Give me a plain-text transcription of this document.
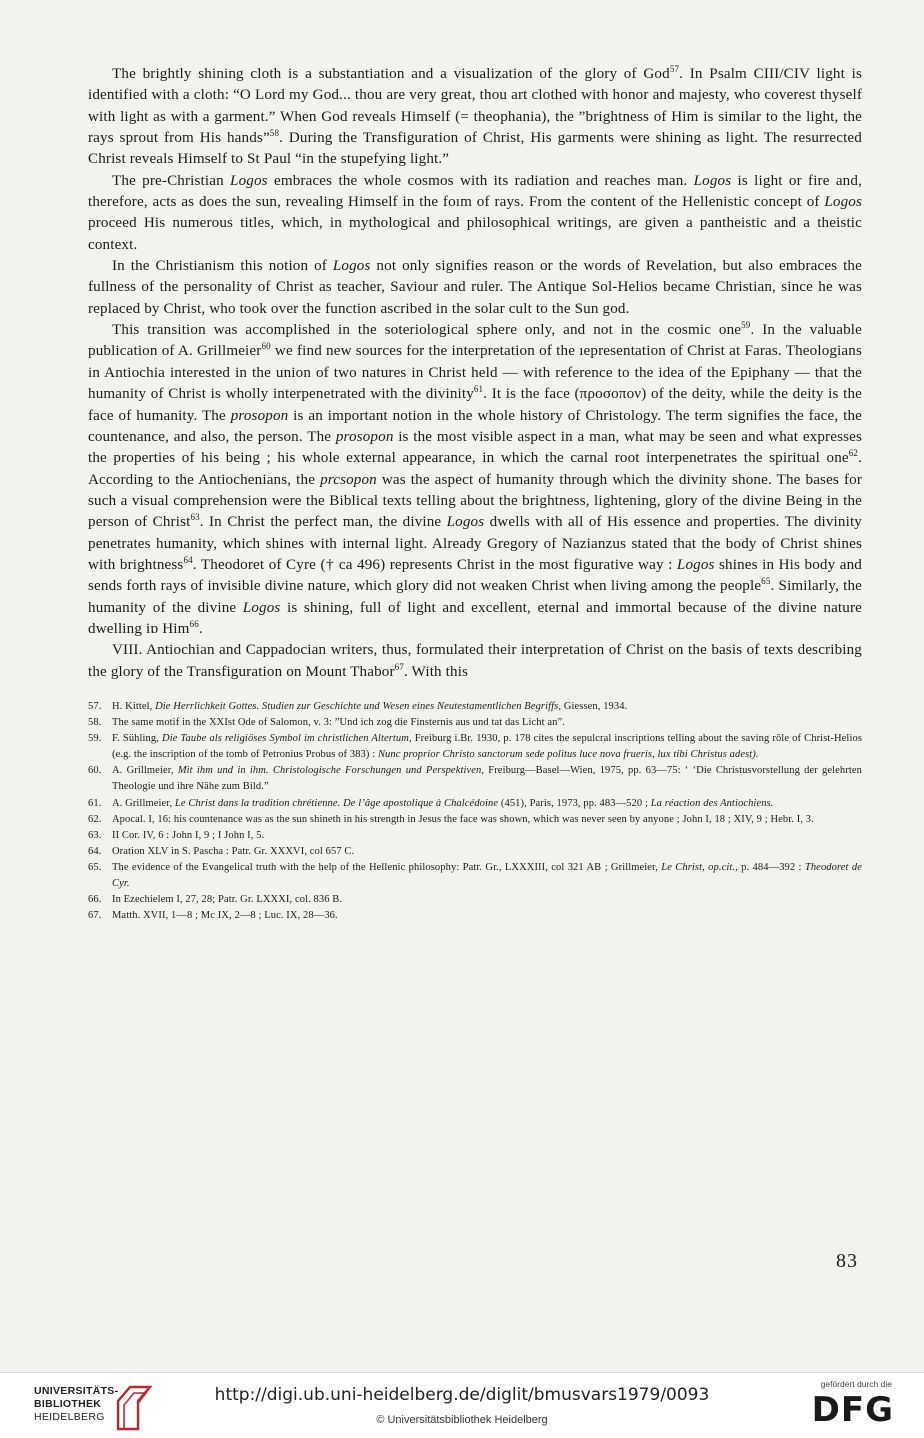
The brightly shining cloth is a substantiation and a visualization of the glory of God$^{57}$. In Psalm CIII/CIV light is identified with a cloth: “O Lord my God... thou are very great, thou art clothed with honor and majesty, who coverest thyself with light as with a garment.” When God reveals Himself (= theophania), the ”brightness of Him is similar to the light, the rays sprout from His hands”$^{58}$. During the Transfiguration of Christ, His garments were shining as light. The resurrected Christ reveals Himself to St Paul “in the stupefying light.”

The pre-Christian Logos embraces the whole cosmos with its radiation and reaches man. Logos is light or fire and, therefore, acts as does the sun, revealing Himself in the foım of rays. From the content of the Hellenistic concept of Logos proceed His numerous titles, which, in mythological and philosophical writings, are given a pantheistic and a theistic context.

In the Christianism this notion of Logos not only signifies reason or the words of Revelation, but also embraces the fullness of the personality of Christ as teacher, Saviour and ruler. The Antique Sol-Helios became Christian, since he was replaced by Christ, who took over the function ascribed in the solar cult to the Sun god.

This transition was accomplished in the soteriological sphere only, and not in the cosmic one$^{59}$. In the valuable publication of A. Grillmeier$^{60}$ we find new sources for the interpretation of the ıepresentation of Christ at Faras. Theologians in Antiochia interested in the union of two natures in Christ held — with reference to the idea of the Epiphany — that the humanity of Christ is wholly interpenetrated with the divinity$^{61}$. It is the face (προσοπον) of the deity, while the deity is the face of humanity. The prosopon is an important notion in the whole history of Christology. The term signifies the face, the countenance, and also, the person. The prosopon is the most visible aspect in a man, what may be seen and what expresses the properties of his being ; his whole external appearance, in which the carnal root interpenetrates the spiritual one$^{62}$. According to the Antiochenians, the prcsopon was the aspect of humanity through which the divinity shone. The bases for such a visual comprehension were the Biblical texts telling about the brightness, lightening, glory of the divine Being in the person of Christ$^{63}$. In Christ the perfect man, the divine Logos dwells with all of His essence and properties. The divinity penetrates humanity, which shines with internal light. Already Gregory of Nazianzus stated that the body of Christ shines with brightness$^{64}$. Theodoret of Cyre († ca 496) represents Christ in the most figurative way : Logos shines in His body and sends forth rays of invisible divine nature, which glory did not weaken Christ when living among the people$^{65}$. Similarly, the humanity of the divine Logos is shining, full of light and excellent, eternal and immortal because of the divine nature dwelling iɒ Him$^{66}$.

VIII. Antiochian and Cappadocian writers, thus, formulated their interpretation of Christ on the basis of texts describing the glory of the Transfiguration on Mount Thabor$^{67}$. With this

57. H. Kittel, Die Herrlichkeit Gottes. Studien zur Geschichte und Wesen eines Neutestamentlichen Begriffs, Giessen, 1934.

58. The same motif in the XXIst Ode of Salomon, v. 3: ”Und ich zog die Finsternis aus und tat das Licht an”.

59. F. Sühling, Die Taube als religiöses Symbol im christlichen Altertum, Freiburg i.Br. 1930, p. 178 cites the sepulcral inscriptions telling about the saving rôle of Christ-Helios (e.g. the inscription of the tomb of Petronius Probus of 383) : Nunc proprior Christo sanctorum sede politus luce nova frueris, lux tibi Christus adest).

60. A. Grillmeier, Mit ihm und in ihm. Christologische Forschungen und Perspektiven, Freiburg—Basel—Wien, 1975, pp. 63—75: ‘ ‘Die Christusvorstellung der gelehrten Theologie und ihre Nähe zum Bild.”

61. A. Grillmeier, Le Christ dans la tradition chrétienne. De l’âge apostolique à Chalcédoine (451), Paris, 1973, pp. 483—520 ; La réaction des Antiochiens.

62. Apocal. I, 16: his countenance was as the sun shineth in his strength in Jesus the face was shown, which was never seen by anyone ; John I, 18 ; XIV, 9 ; Hebr. I, 3.

63. II Cor. IV, 6 : John I, 9 ; I John I, 5.

64. Oration XLV in S. Pascha : Patr. Gr. XXXVI, col 657 C.

65. The evidence of the Evangelical truth with the help of the Hellenic philosophy: Patr. Gr., LXXXIII, col 321 AB ; Grillmeier, Le Christ, op.cit., p. 484—392 : Theodoret de Cyr.

66. In Ezechielem I, 27, 28; Patr. Gr. LXXXI, col. 836 B.

67. Matth. XVII, 1—8 ; Mc IX, 2—8 ; Luc. IX, 28—36.

83
UNIVERSITÄTS-
BIBLIOTHEK
HEIDELBERG
http://digi.ub.uni-heidelberg.de/diglit/bmusvars1979/0093
© Universitätsbibliothek Heidelberg
gefördert durch die
DFG
